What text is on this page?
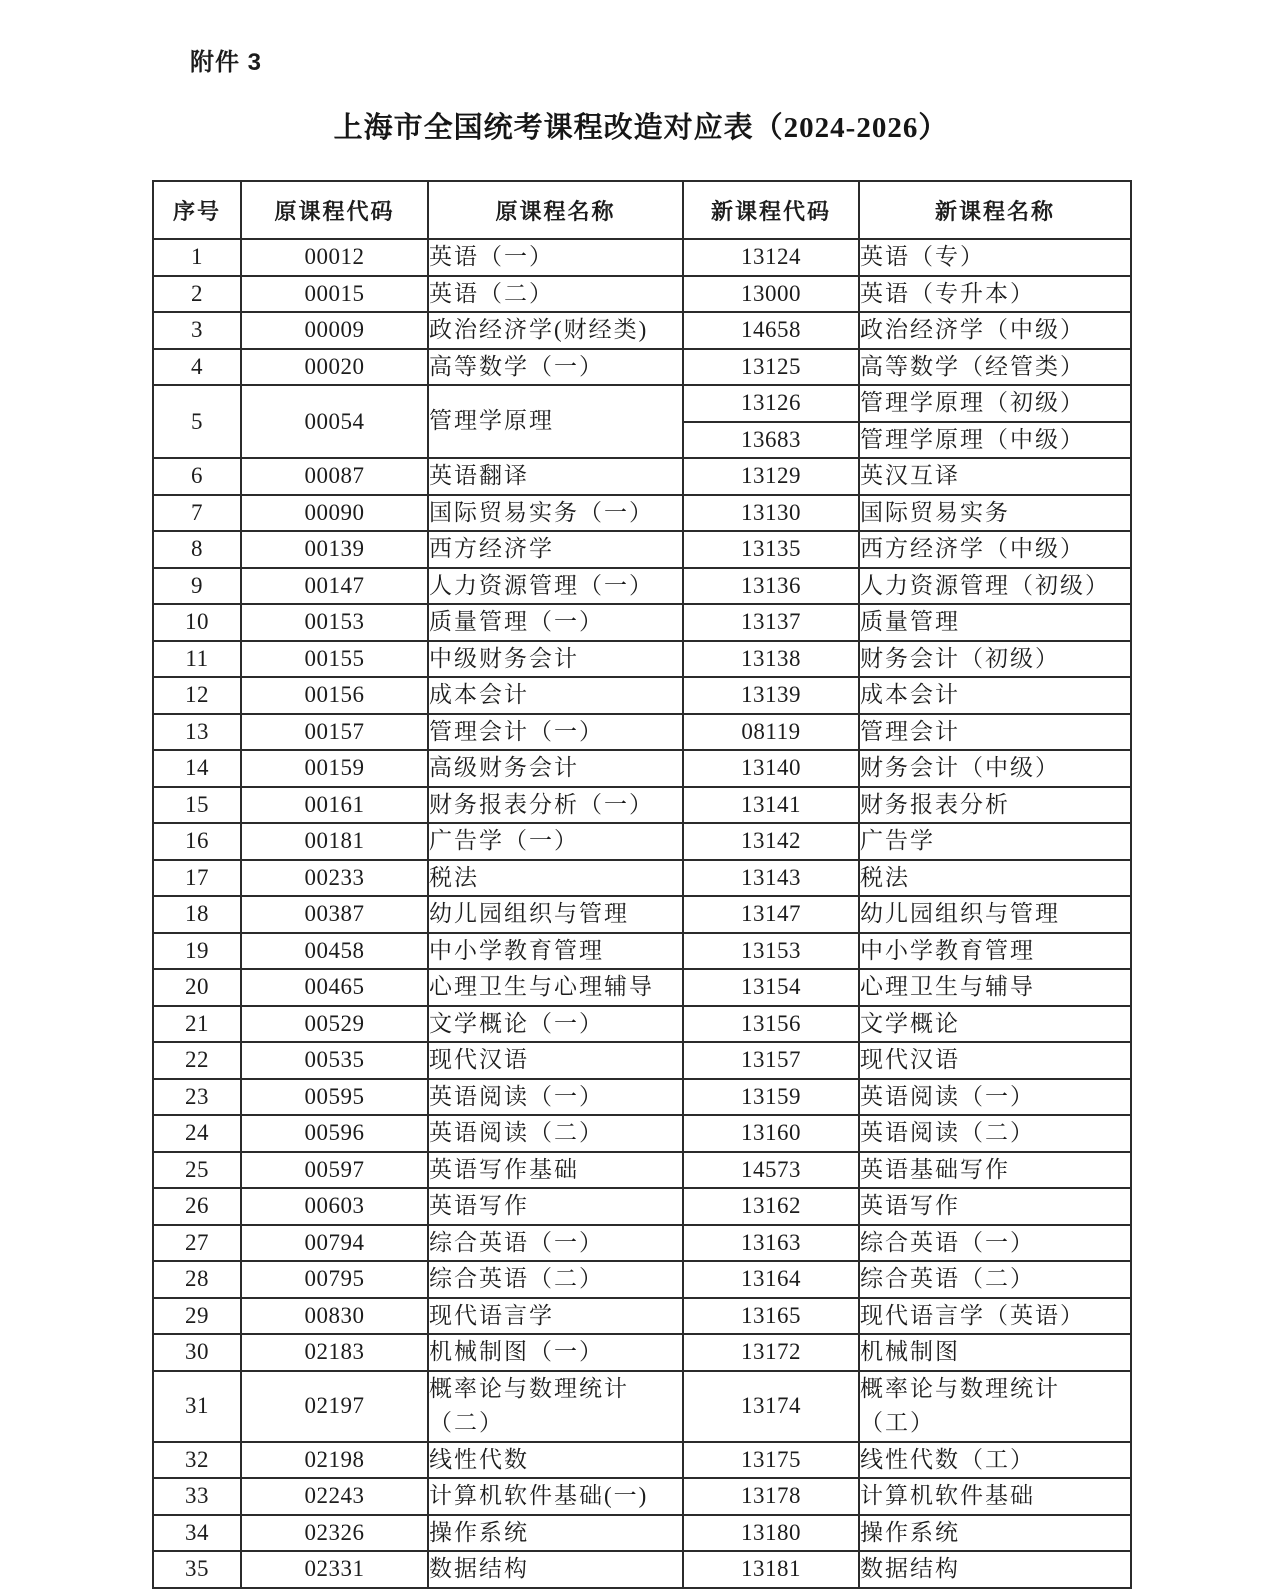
附件 3
上海市全国统考课程改造对应表（2024-2026）
序号	原课程代码	原课程名称	新课程代码	新课程名称
1	00012	英语（一）	13124	英语（专）
2	00015	英语（二）	13000	英语（专升本）
3	00009	政治经济学(财经类)	14658	政治经济学（中级）
4	00020	高等数学（一）	13125	高等数学（经管类）
5	00054	管理学原理	13126	管理学原理（初级）
			13683	管理学原理（中级）
6	00087	英语翻译	13129	英汉互译
7	00090	国际贸易实务（一）	13130	国际贸易实务
8	00139	西方经济学	13135	西方经济学（中级）
9	00147	人力资源管理（一）	13136	人力资源管理（初级）
10	00153	质量管理（一）	13137	质量管理
11	00155	中级财务会计	13138	财务会计（初级）
12	00156	成本会计	13139	成本会计
13	00157	管理会计（一）	08119	管理会计
14	00159	高级财务会计	13140	财务会计（中级）
15	00161	财务报表分析（一）	13141	财务报表分析
16	00181	广告学（一）	13142	广告学
17	00233	税法	13143	税法
18	00387	幼儿园组织与管理	13147	幼儿园组织与管理
19	00458	中小学教育管理	13153	中小学教育管理
20	00465	心理卫生与心理辅导	13154	心理卫生与辅导
21	00529	文学概论（一）	13156	文学概论
22	00535	现代汉语	13157	现代汉语
23	00595	英语阅读（一）	13159	英语阅读（一）
24	00596	英语阅读（二）	13160	英语阅读（二）
25	00597	英语写作基础	14573	英语基础写作
26	00603	英语写作	13162	英语写作
27	00794	综合英语（一）	13163	综合英语（一）
28	00795	综合英语（二）	13164	综合英语（二）
29	00830	现代语言学	13165	现代语言学（英语）
30	02183	机械制图（一）	13172	机械制图
31	02197	概率论与数理统计
（二）	13174	概率论与数理统计
（工）
32	02198	线性代数	13175	线性代数（工）
33	02243	计算机软件基础(一)	13178	计算机软件基础
34	02326	操作系统	13180	操作系统
35	02331	数据结构	13181	数据结构
